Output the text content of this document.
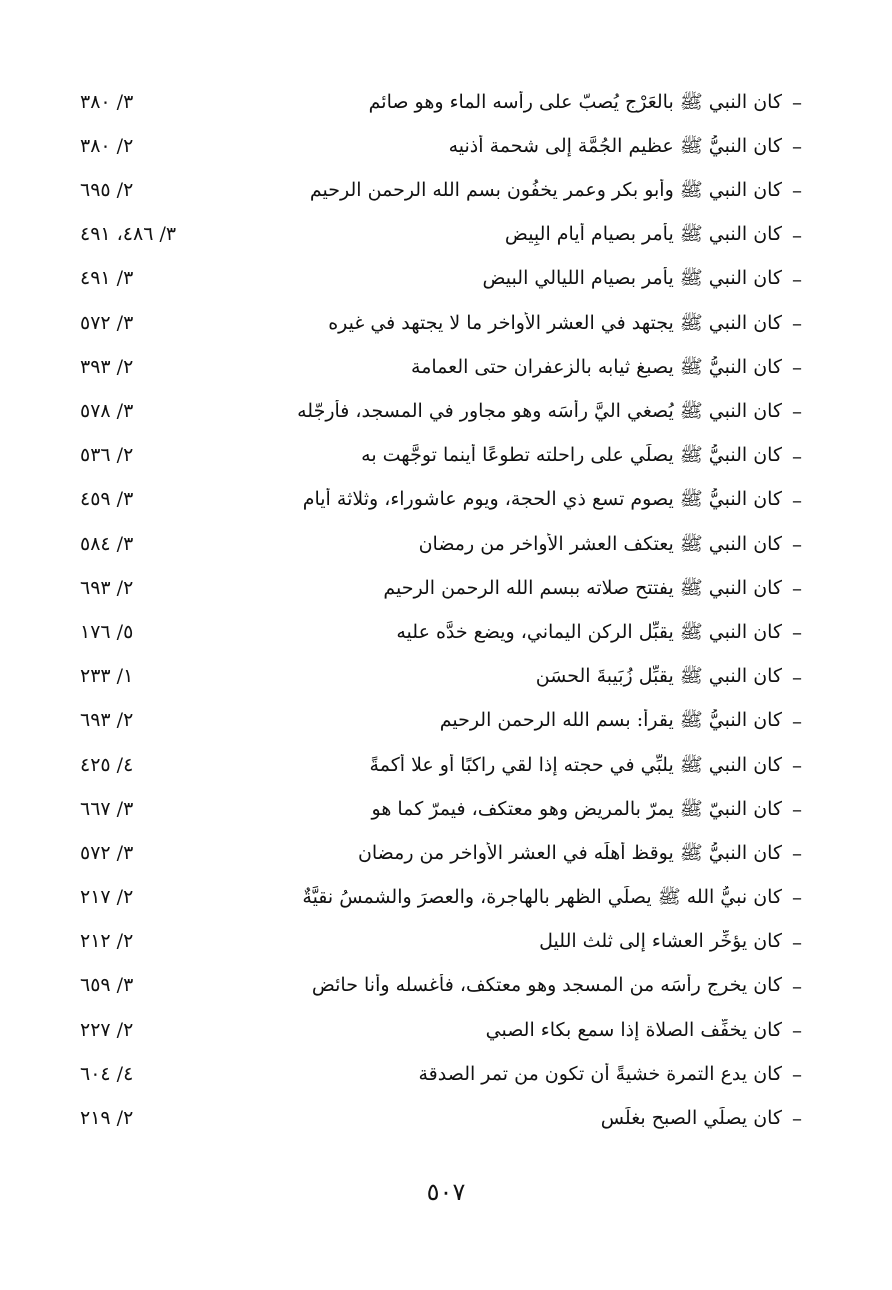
–
كان النبي ﷺ بالعَرْج يُصبّ على رأسه الماء وهو صائم
٣/ ٣٨٠
–
كان النبيُّ ﷺ عظيم الجُمَّة إلى شحمة أذنيه
٢/ ٣٨٠
–
كان النبي ﷺ وأبو بكر وعمر يخفُون بسم الله الرحمن الرحيم
٢/ ٦٩٥
–
كان النبي ﷺ يأمر بصيام أيام البِيض
٣/ ٤٨٦، ٤٩١
–
كان النبي ﷺ يأمر بصيام الليالي البيض
٣/ ٤٩١
–
كان النبي ﷺ يجتهد في العشر الأواخر ما لا يجتهد في غيره
٣/ ٥٧٢
–
كان النبيُّ ﷺ يصبغ ثيابه بالزعفران حتى العمامة
٢/ ٣٩٣
–
كان النبي ﷺ يُصغي اليَّ رأسَه وهو مجاور في المسجد، فأرجّله
٣/ ٥٧٨
–
كان النبيُّ ﷺ يصلِّي على راحلته تطوعًا أينما توجَّهت به
٢/ ٥٣٦
–
كان النبيُّ ﷺ يصوم تسع ذي الحجة، ويوم عاشوراء، وثلاثة أيام
٣/ ٤٥٩
–
كان النبي ﷺ يعتكف العشر الأواخر من رمضان
٣/ ٥٨٤
–
كان النبي ﷺ يفتتح صلاته ببسم الله الرحمن الرحيم
٢/ ٦٩٣
–
كان النبي ﷺ يقبِّل الركن اليماني، ويضع خدَّه عليه
٥/ ١٧٦
–
كان النبي ﷺ يقبِّل زُبَيبةَ الحسَن
١/ ٢٣٣
–
كان النبيُّ ﷺ يقرأ: بسم الله الرحمن الرحيم
٢/ ٦٩٣
–
كان النبي ﷺ يلبِّي في حجته إذا لقي راكبًا أو علا أكمةً
٤/ ٤٢٥
–
كان النبيّ ﷺ يمرّ بالمريض وهو معتكف، فيمرّ كما هو
٣/ ٦٦٧
–
كان النبيُّ ﷺ يوقظ أهلَه في العشر الأواخر من رمضان
٣/ ٥٧٢
–
كان نبيُّ الله ﷺ يصلِّي الظهر بالهاجرة، والعصرَ والشمسُ نقيَّةٌ
٢/ ٢١٧
–
كان يؤخِّر العشاء إلى ثلث الليل
٢/ ٢١٢
–
كان يخرج رأسَه من المسجد وهو معتكف، فأغسله وأنا حائض
٣/ ٦٥٩
–
كان يخفِّف الصلاة إذا سمع بكاء الصبي
٢/ ٢٢٧
–
كان يدع التمرة خشيةً أن تكون من تمر الصدقة
٤/ ٦٠٤
–
كان يصلِّي الصبح بغلَس
٢/ ٢١٩
٥٠٧
